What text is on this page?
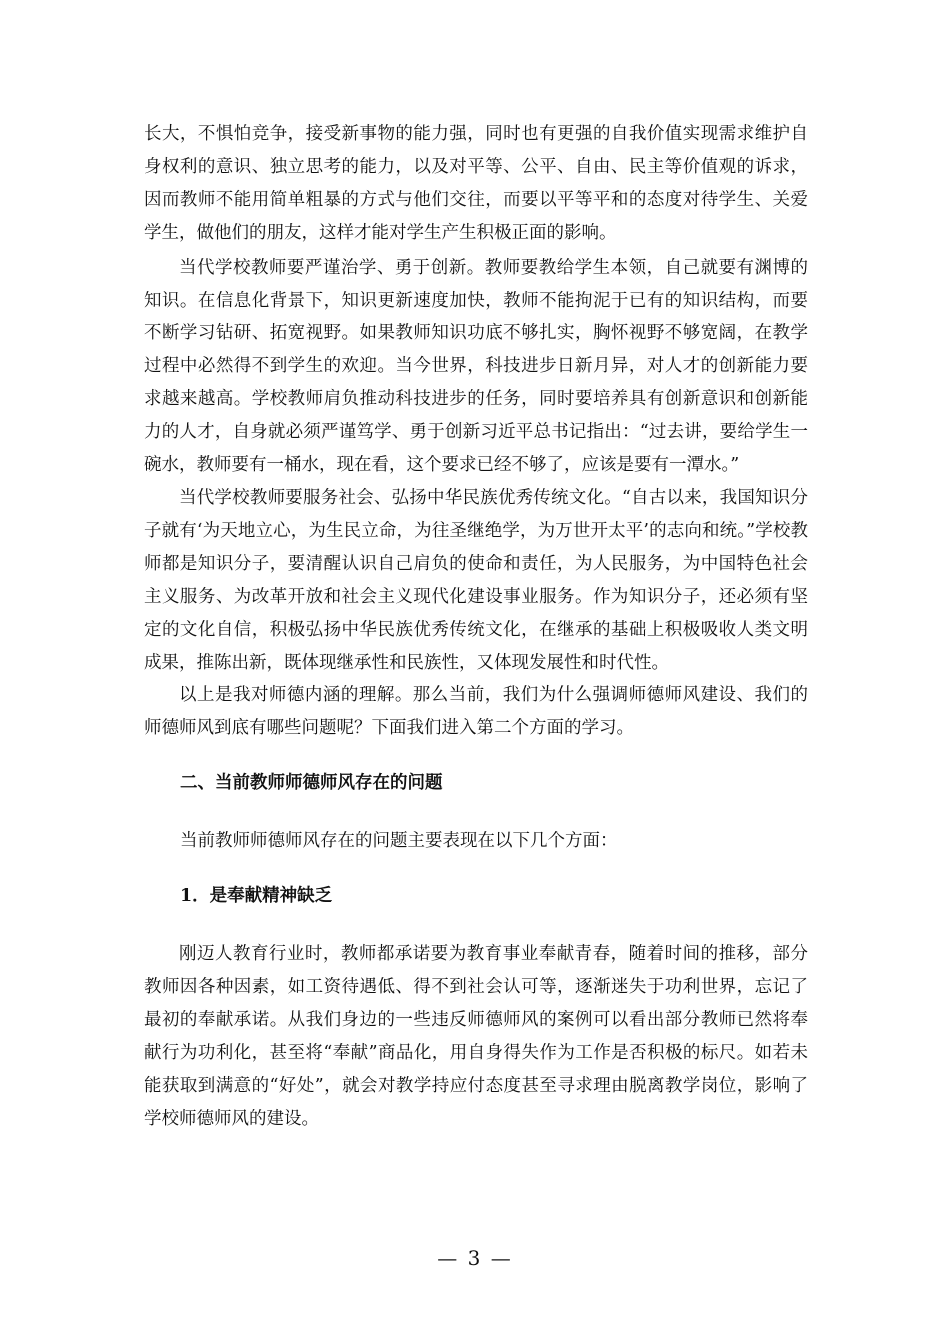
长大，不惧怕竞争，接受新事物的能力强，同时也有更强的自我价值实现需求维护自身权利的意识、独立思考的能力，以及对平等、公平、自由、民主等价值观的诉求，因而教师不能用简单粗暴的方式与他们交往，而要以平等平和的态度对待学生、关爱学生，做他们的朋友，这样才能对学生产生积极正面的影响。

当代学校教师要严谨治学、勇于创新。教师要教给学生本领，自己就要有渊博的知识。在信息化背景下，知识更新速度加快，教师不能拘泥于已有的知识结构，而要不断学习钻研、拓宽视野。如果教师知识功底不够扎实，胸怀视野不够宽阔，在教学过程中必然得不到学生的欢迎。当今世界，科技进步日新月异，对人才的创新能力要求越来越高。学校教师肩负推动科技进步的任务，同时要培养具有创新意识和创新能力的人才，自身就必须严谨笃学、勇于创新习近平总书记指出：“过去讲，要给学生一碗水，教师要有一桶水，现在看，这个要求已经不够了，应该是要有一潭水。”

当代学校教师要服务社会、弘扬中华民族优秀传统文化。“自古以来，我国知识分子就有‘为天地立心，为生民立命，为往圣继绝学，为万世开太平’的志向和统。”学校教师都是知识分子，要清醒认识自己肩负的使命和责任，为人民服务，为中国特色社会主义服务、为改革开放和社会主义现代化建设事业服务。作为知识分子，还必须有坚定的文化自信，积极弘扬中华民族优秀传统文化，在继承的基础上积极吸收人类文明成果，推陈出新，既体现继承性和民族性，又体现发展性和时代性。

以上是我对师德内涵的理解。那么当前，我们为什么强调师德师风建设、我们的师德师风到底有哪些问题呢？下面我们进入第二个方面的学习。

二、当前教师师德师风存在的问题

当前教师师德师风存在的问题主要表现在以下几个方面：

1．是奉献精神缺乏

刚迈人教育行业时，教师都承诺要为教育事业奉献青春，随着时间的推移，部分教师因各种因素，如工资待遇低、得不到社会认可等，逐渐迷失于功利世界，忘记了最初的奉献承诺。从我们身边的一些违反师德师风的案例可以看出部分教师已然将奉献行为功利化，甚至将“奉献”商品化，用自身得失作为工作是否积极的标尺。如若未能获取到满意的“好处”，就会对教学持应付态度甚至寻求理由脱离教学岗位，影响了学校师德师风的建设。

— 3 —
